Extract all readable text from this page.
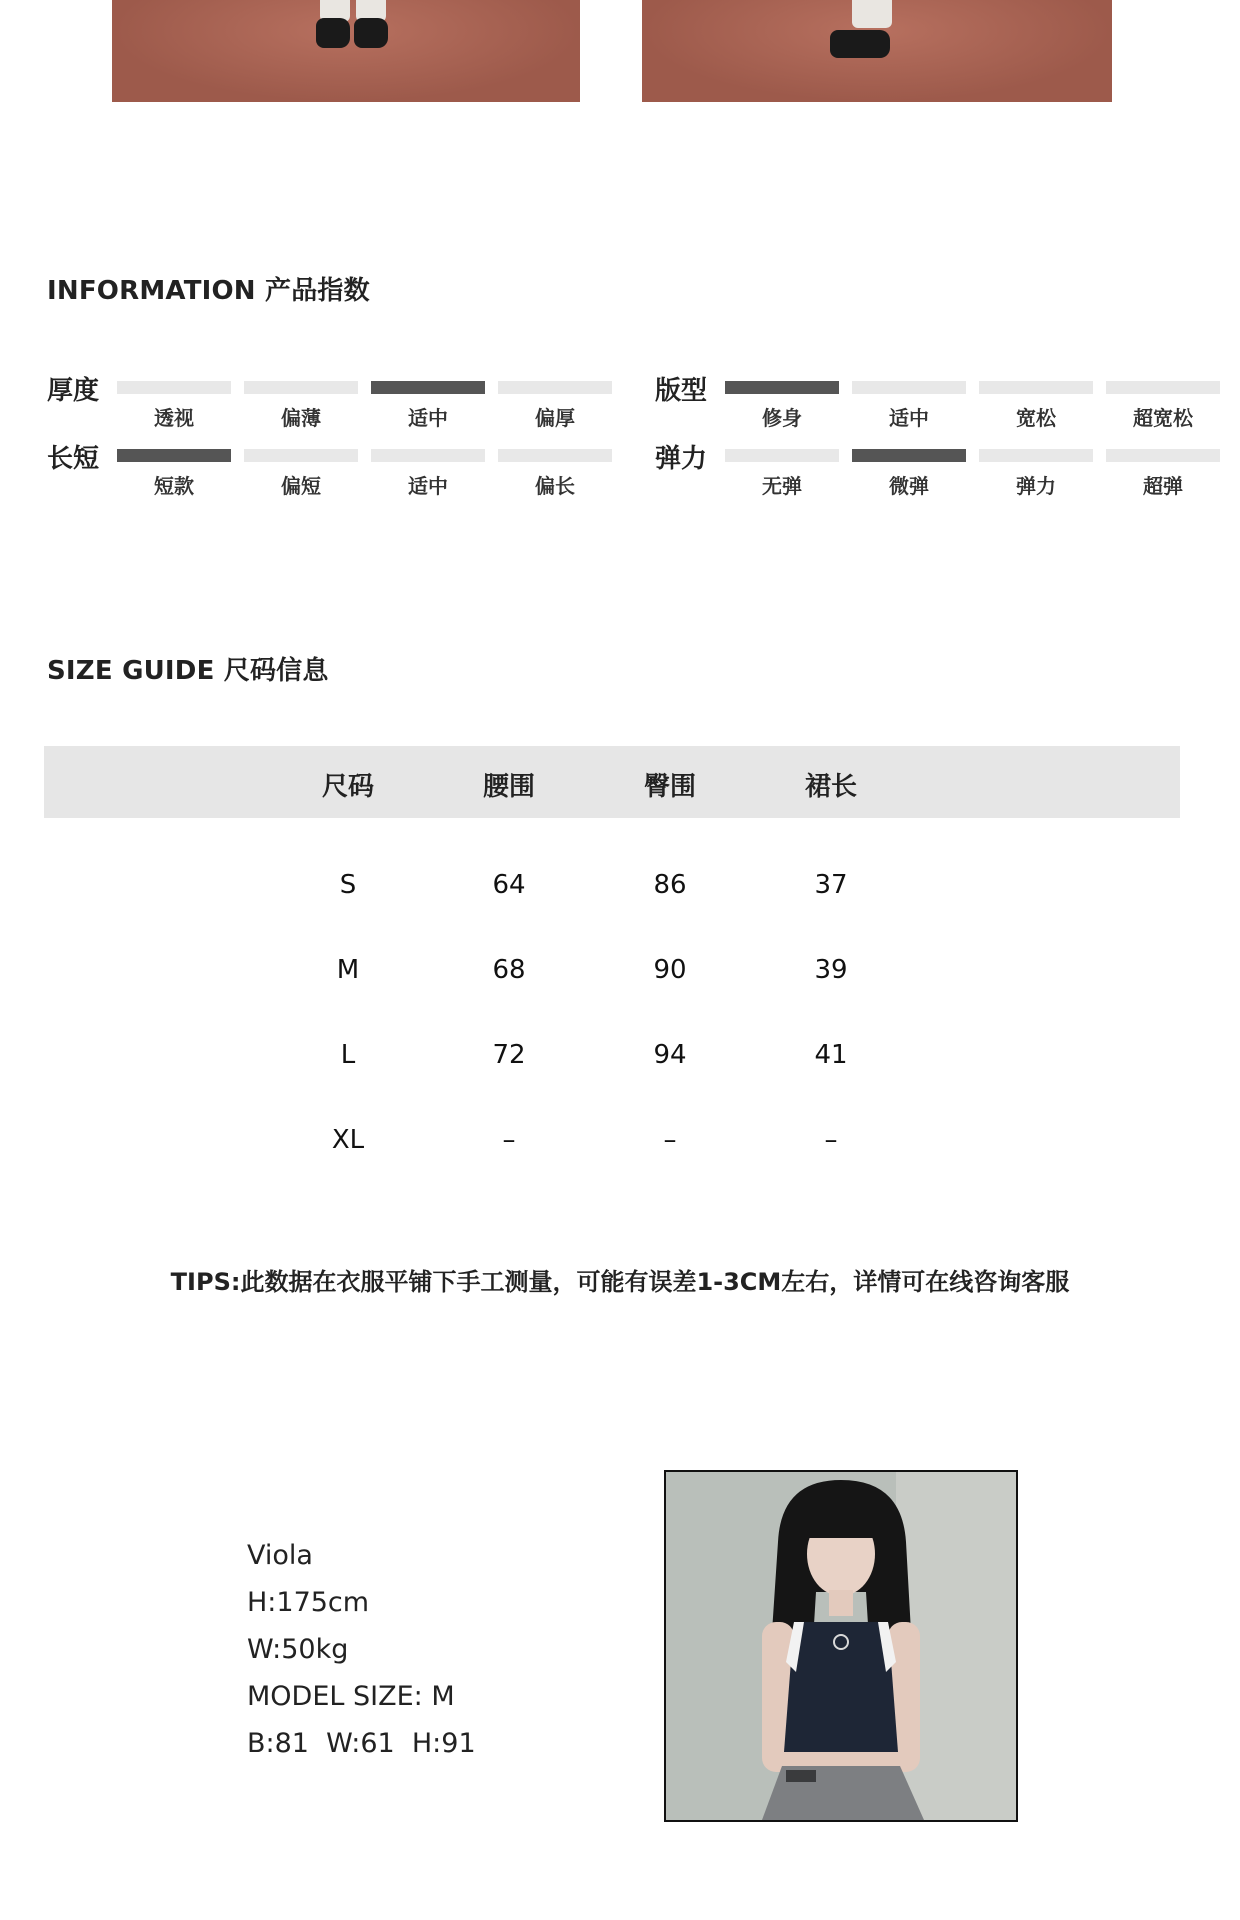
INFORMATION 产品指数
厚度
透视	偏薄	适中	偏厚
长短
短款	偏短	适中	偏长
版型
修身	适中	宽松	超宽松
弹力
无弹	微弹	弹力	超弹
SIZE GUIDE 尺码信息
尺码	腰围	臀围	裙长
S	64	86	37
M	68	90	39
L	72	94	41
XL	–	–	–
TIPS:此数据在衣服平铺下手工测量，可能有误差1-3CM左右，详情可在线咨询客服
Viola
H:175cm
W:50kg
MODEL SIZE: M
B:81  W:61  H:91
